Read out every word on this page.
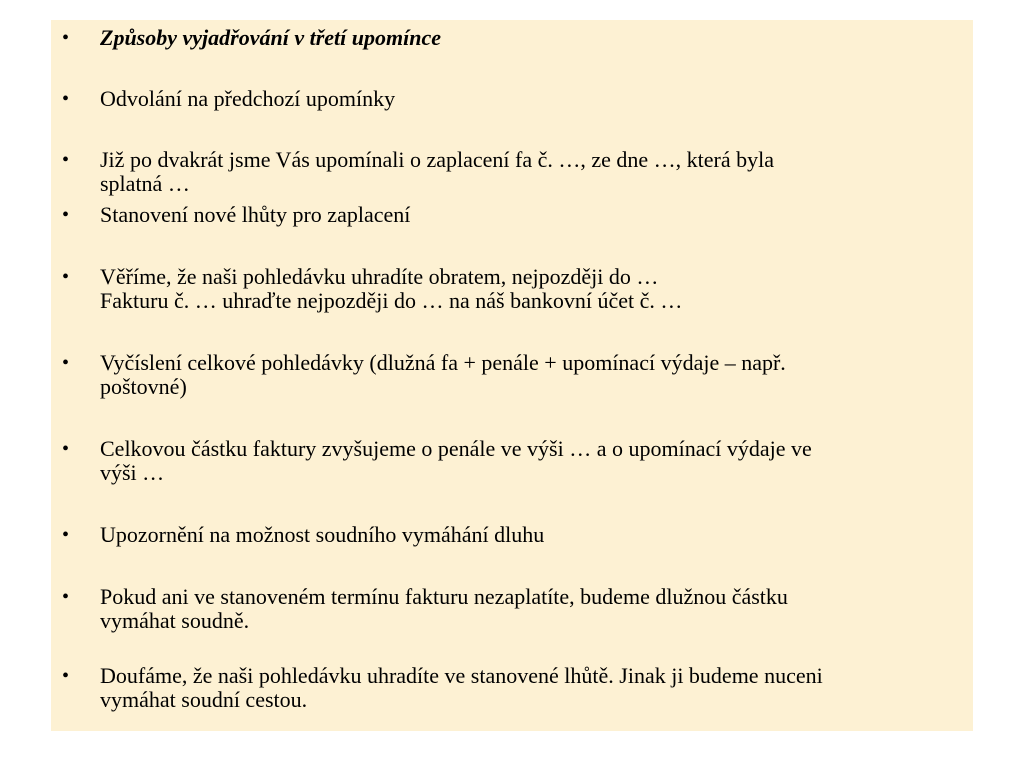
• Způsoby vyjadřování v třetí upomínce
• Odvolání na předchozí upomínky
• Již po dvakrát jsme Vás upomínali o zaplacení fa č. …, ze dne …, která byla
splatná …
• Stanovení nové lhůty pro zaplacení
• Věříme, že naši pohledávku uhradíte obratem, nejpozději do …
Fakturu č. … uhraďte nejpozději do … na náš bankovní účet č. …
• Vyčíslení celkové pohledávky (dlužná fa + penále + upomínací výdaje – např.
poštovné)
• Celkovou částku faktury zvyšujeme o penále ve výši … a o upomínací výdaje ve
výši …
• Upozornění na možnost soudního vymáhání dluhu
• Pokud ani ve stanoveném termínu fakturu nezaplatíte, budeme dlužnou částku
vymáhat soudně.
• Doufáme, že naši pohledávku uhradíte ve stanovené lhůtě. Jinak ji budeme nuceni
vymáhat soudní cestou.
